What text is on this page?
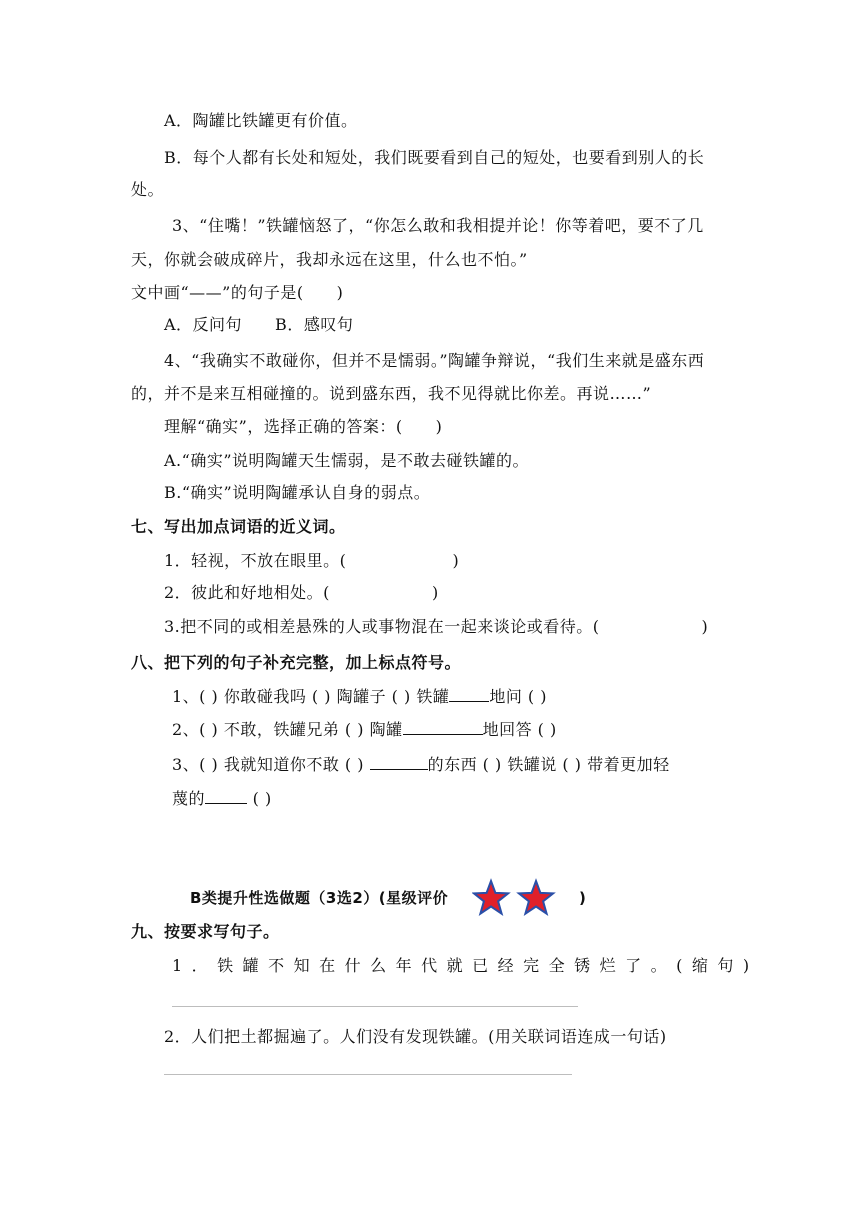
A．陶罐比铁罐更有价值。
B．每个人都有长处和短处，我们既要看到自己的短处，也要看到别人的长
处。
3、“住嘴！”铁罐恼怒了，“你怎么敢和我相提并论！你等着吧，要不了几
天，你就会破成碎片，我却永远在这里，什么也不怕。”
文中画“——”的句子是(　　)
A．反问句　　B．感叹句
4、“我确实不敢碰你，但并不是懦弱。”陶罐争辩说，“我们生来就是盛东西
的，并不是来互相碰撞的。说到盛东西，我不见得就比你差。再说……”
理解“确实”，选择正确的答案：(　　)
A.“确实”说明陶罐天生懦弱，是不敢去碰铁罐的。
B.“确实”说明陶罐承认自身的弱点。
七、写出加点词语的近义词。
1．轻视，不放在眼里。(	)
2．彼此和好地相处。(	)
3.把不同的或相差悬殊的人或事物混在一起来谈论或看待。(	)
八、把下列的句子补充完整，加上标点符号。
1、( ) 你敢碰我吗 ( ) 陶罐子 ( ) 铁罐	地问 ( )
2、( ) 不敢，铁罐兄弟 ( ) 陶罐	地回答 ( )
3、( ) 我就知道你不敢 ( )	的东西 ( ) 铁罐说 ( ) 带着更加轻
蔑的	( )
B类提升性选做题（3选2）(星级评价	)
九、按要求写句子。
1．铁罐不知在什么年代就已经完全锈烂了。(缩句)
2．人们把土都掘遍了。人们没有发现铁罐。(用关联词语连成一句话)
